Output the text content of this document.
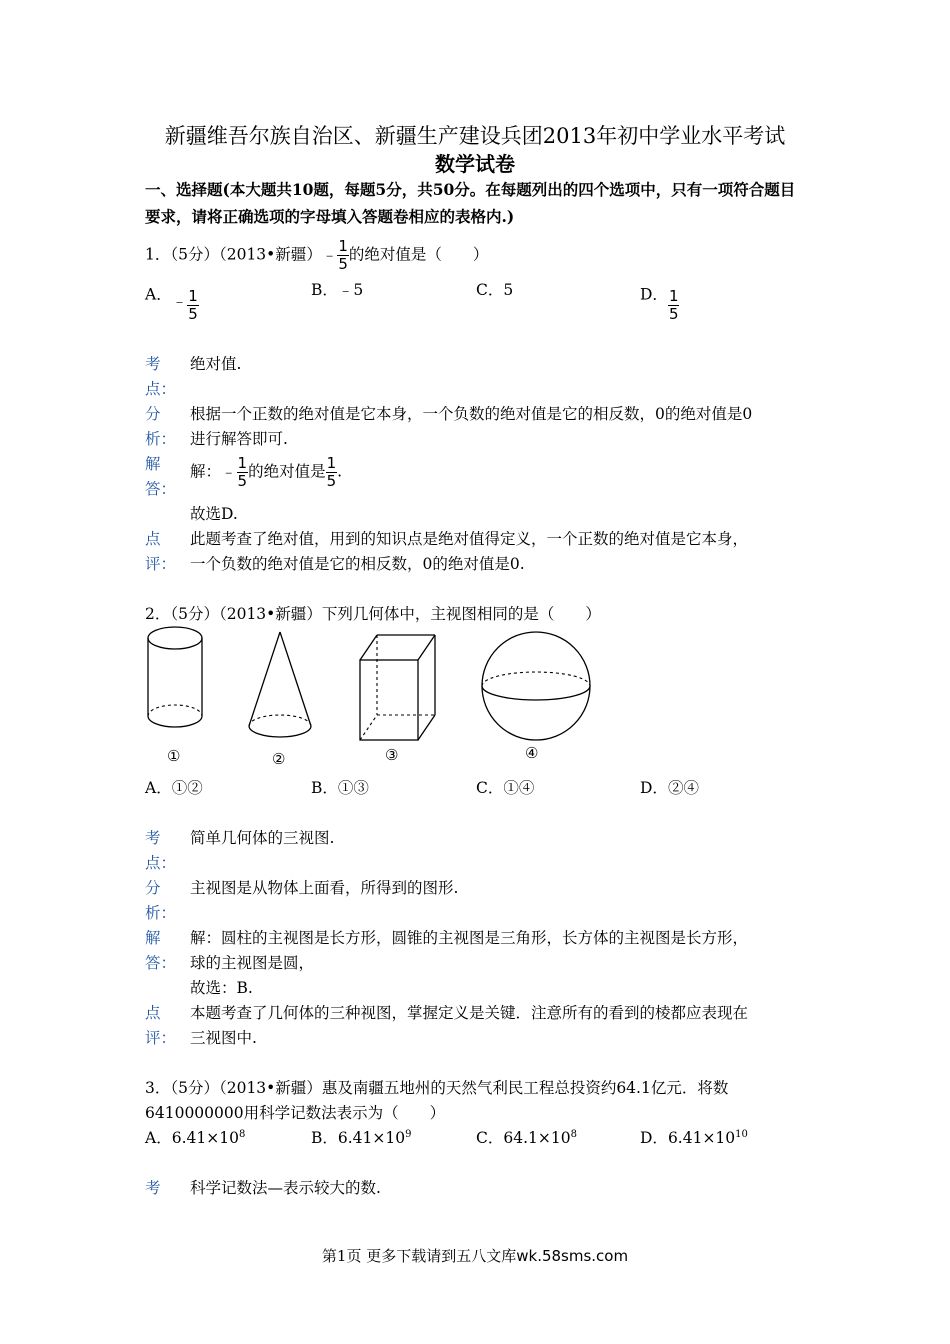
新疆维吾尔族自治区、新疆生产建设兵团2013年初中学业水平考试
数学试卷
一、选择题(本大题共10题，每题5分，共50分。在每题列出的四个选项中，只有一项符合题目要求，请将正确选项的字母填入答题卷相应的表格内.)
1．（5分）（2013•新疆）﹣ $\frac{1}{5}$ 的绝对值是（　　）
A．﹣ $\frac{1}{5}$	B．﹣5	C．5	D． $\frac{1}{5}$
考
点：
绝对值.
分
析：
根据一个正数的绝对值是它本身，一个负数的绝对值是它的相反数，0的绝对值是0
进行解答即可.
解
答：
解：﹣ $\frac{1}{5}$ 的绝对值是 $\frac{1}{5}$ .
故选D.
点
评：
此题考查了绝对值，用到的知识点是绝对值得定义，一个正数的绝对值是它本身，
一个负数的绝对值是它的相反数，0的绝对值是0.
2．（5分）（2013•新疆）下列几何体中，主视图相同的是（　　）
①	②	③	④
A．①②	B．①③	C．①④	D．②④
考
点：
简单几何体的三视图.
分
析：
主视图是从物体上面看，所得到的图形.
解
答：
解：圆柱的主视图是长方形，圆锥的主视图是三角形，长方体的主视图是长方形，
球的主视图是圆，
故选：B.
点
评：
本题考查了几何体的三种视图，掌握定义是关键．注意所有的看到的棱都应表现在
三视图中.
3．（5分）（2013•新疆）惠及南疆五地州的天然气利民工程总投资约64.1亿元．将数
6410000000用科学记数法表示为（　　）
A．$6.41\times 10^8$	B．$6.41\times 10^9$	C．$64.1\times 10^8$	D．$6.41\times 10^{10}$
考 科学记数法—表示较大的数.
第1页 更多下载请到五八文库wk.58sms.com
